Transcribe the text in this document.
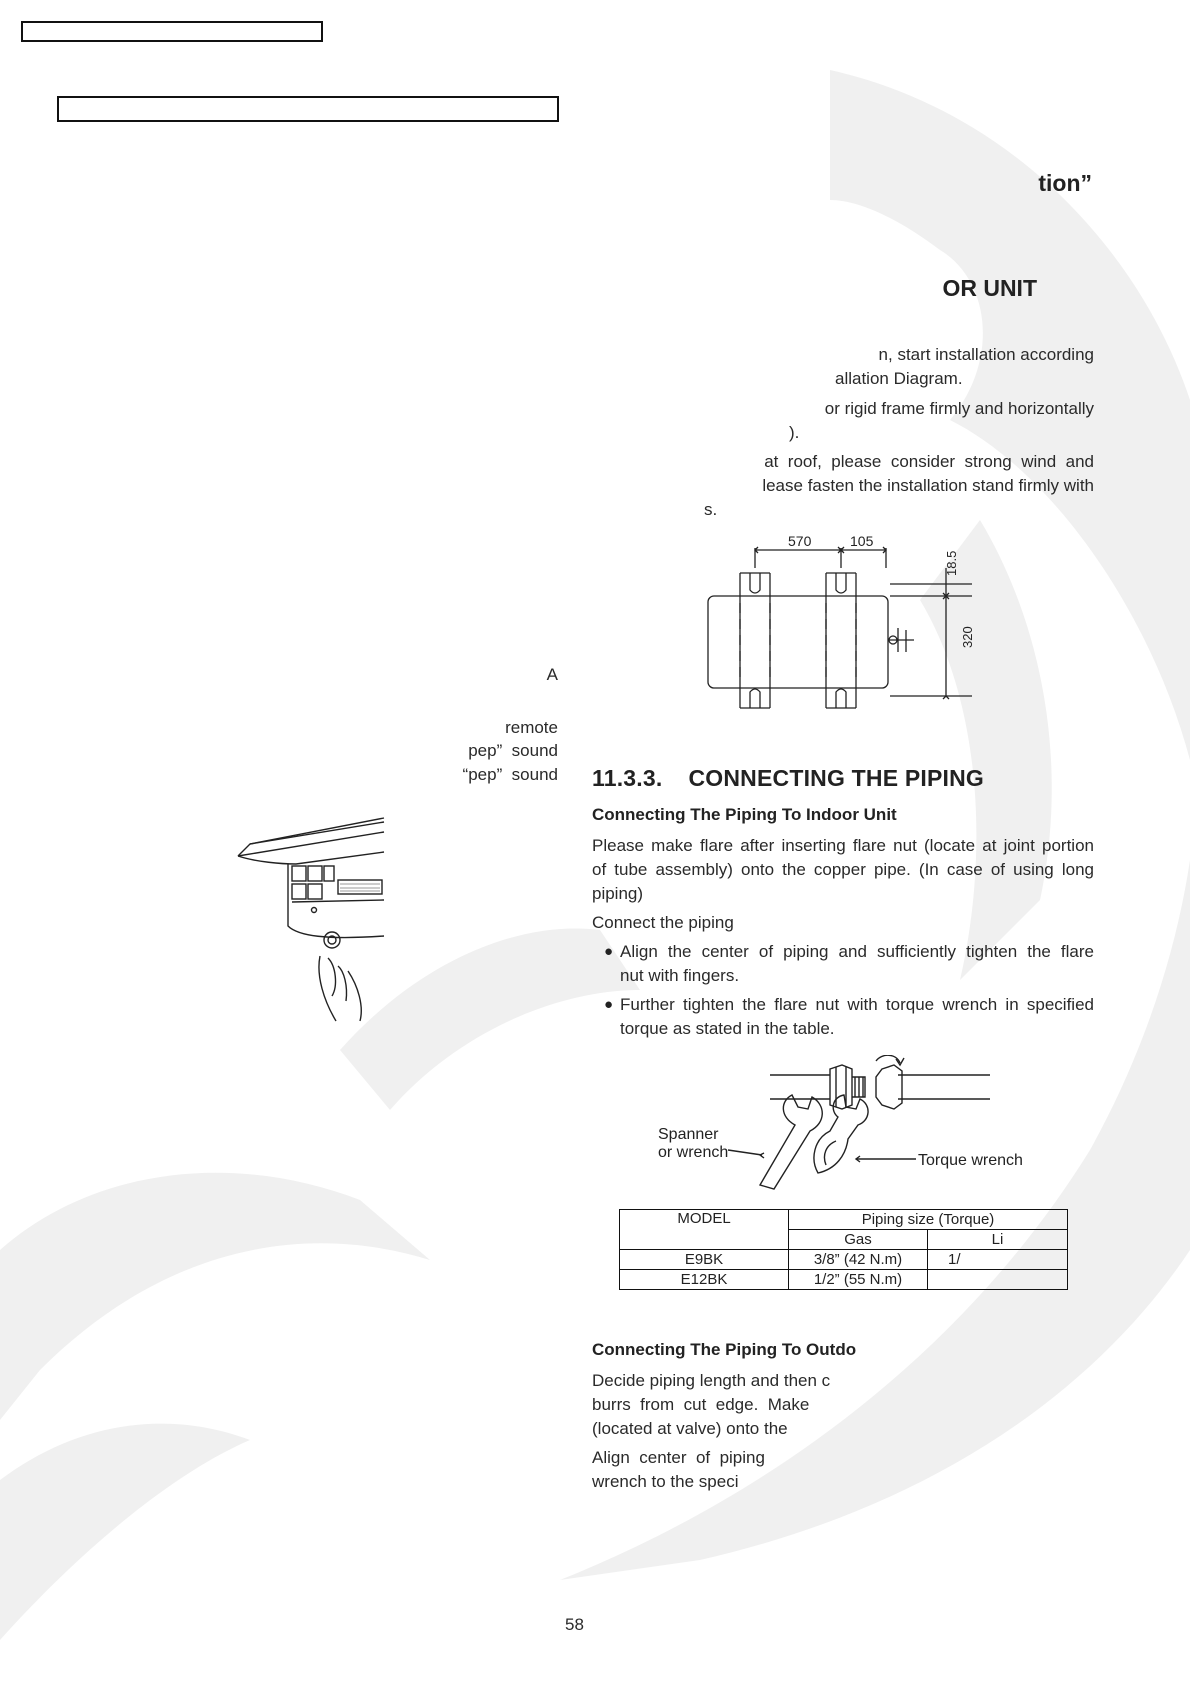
A
remote
pep”  sound
“pep”  sound
tion”
OR UNIT
n, start installation according
allation Diagram.
or rigid frame firmly and horizontally
).
at  roof,  please  consider  strong  wind  and
lease fasten the installation stand firmly with
s.
570	105
18.5
320
11.3.3. CONNECTING THE PIPING
Connecting The Piping To Indoor Unit
Please make flare after inserting flare nut (locate at joint portion
of tube assembly) onto the copper pipe. (In case of using long
piping)
Connect the piping
● Align  the  center  of  piping  and  sufficiently  tighten  the  flare
nut with fingers.
● Further tighten the flare nut with torque wrench in specified
torque as stated in the table.
Spanner
or wrench	Torque wrench
MODEL	Piping size (Torque)	
	Gas	Li
E9BK	3/8” (42 N.m)	1/
E12BK	1/2” (55 N.m)	
Connecting The Piping To Outdo
Decide piping length and then c
burrs  from  cut  edge.  Make
(located at valve) onto the
Align  center  of  piping
wrench to the speci
58
